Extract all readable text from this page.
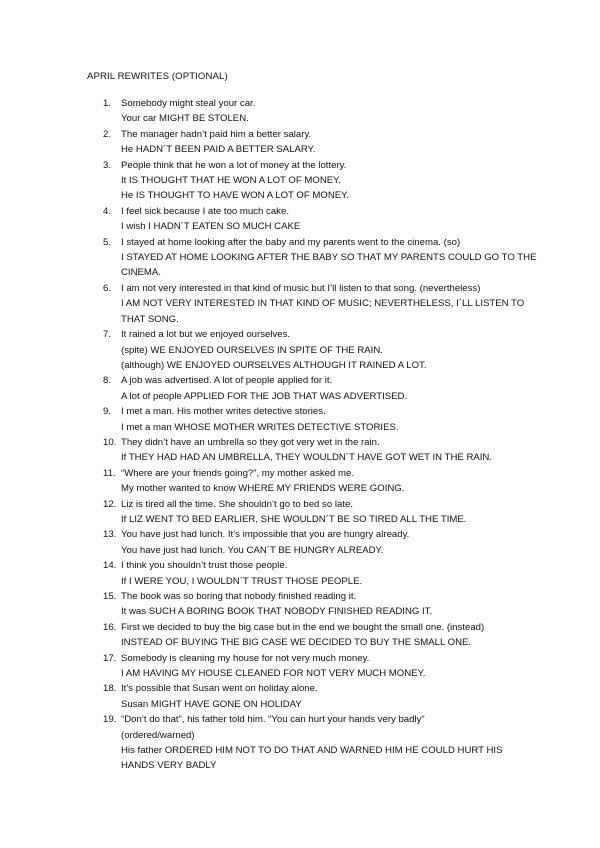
APRIL REWRITES (OPTIONAL)
1. Somebody might steal your car.
Your car MIGHT BE STOLEN.
2. The manager hadn’t paid him a better salary.
He HADN´T BEEN PAID A BETTER SALARY.
3. People think that he won a lot of money at the lottery.
It IS THOUGHT THAT HE WON A LOT OF MONEY.
He IS THOUGHT TO HAVE WON A LOT OF MONEY.
4. I feel sick because I ate too much cake.
I wish I HADN´T EATEN SO MUCH CAKE
5. I stayed at home looking after the baby and my parents went to the cinema. (so)
I STAYED AT HOME LOOKING AFTER THE BABY SO THAT MY PARENTS COULD GO TO THE
CINEMA.
6. I am not very interested in that kind of music but I’ll listen to that song. (nevertheless)
I AM NOT VERY INTERESTED IN THAT KIND OF MUSIC; NEVERTHELESS, I´LL LISTEN TO
THAT SONG.
7. It rained a lot but we enjoyed ourselves.
(spite) WE ENJOYED OURSELVES IN SPITE OF THE RAIN.
(although) WE ENJOYED OURSELVES ALTHOUGH IT RAINED A LOT.
8. A job was advertised. A lot of people applied for it.
A lot of people APPLIED FOR THE JOB THAT WAS ADVERTISED.
9. I met a man. His mother writes detective stories.
I met a man WHOSE MOTHER WRITES DETECTIVE STORIES.
10. They didn’t have an umbrella so they got very wet in the rain.
If THEY HAD HAD AN UMBRELLA, THEY WOULDN´T HAVE GOT WET IN THE RAIN.
11. “Where are your friends going?”, my mother asked me.
My mother wanted to know WHERE MY FRIENDS WERE GOING.
12. Liz is tired all the time. She shouldn’t go to bed so late.
If LIZ WENT TO BED EARLIER, SHE WOULDN´T BE SO TIRED ALL THE TIME.
13. You have just had lunch. It’s impossible that you are hungry already.
You have just had lunch. You CAN´T BE HUNGRY ALREADY.
14. I think you shouldn’t trust those people.
If I WERE YOU, I WOULDN´T TRUST THOSE PEOPLE.
15. The book was so boring that nobody finished reading it.
It was SUCH A BORING BOOK THAT NOBODY FINISHED READING IT.
16. First we decided to buy the big case but in the end we bought the small one. (instead)
INSTEAD OF BUYING THE BIG CASE WE DECIDED TO BUY THE SMALL ONE.
17. Somebody is cleaning my house for not very much money.
I AM HAVING MY HOUSE CLEANED FOR NOT VERY MUCH MONEY.
18. It’s possible that Susan went on holiday alone.
Susan MIGHT HAVE GONE ON HOLIDAY
19. “Don’t do that”, his father told him. “You can hurt your hands very badly”
(ordered/warned)
His father ORDERED HIM NOT TO DO THAT AND WARNED HIM HE COULD HURT HIS
HANDS VERY BADLY
